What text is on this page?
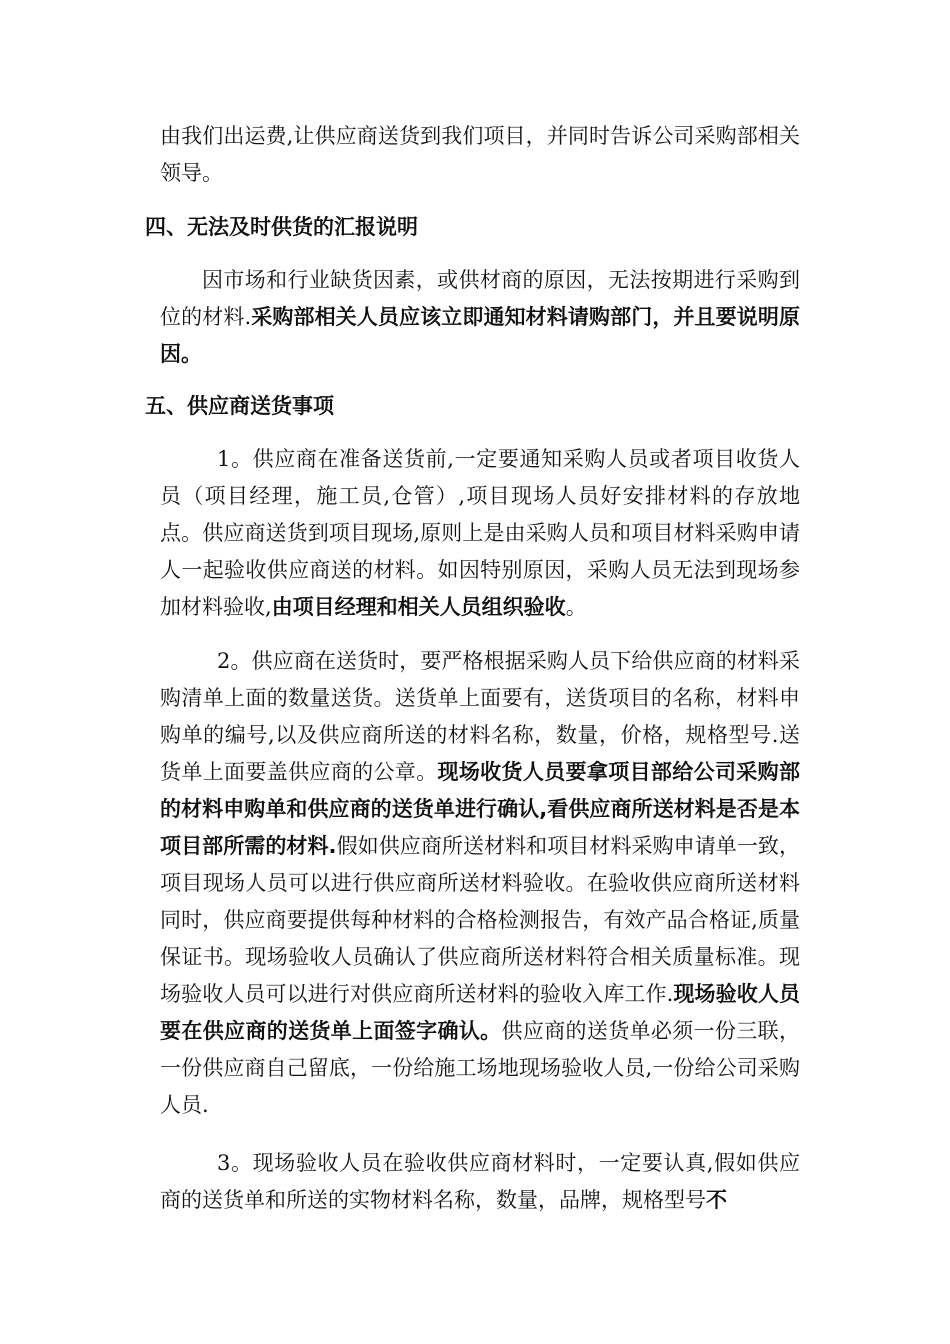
由我们出运费,让供应商送货到我们项目，并同时告诉公司采购部相关领导。
四、无法及时供货的汇报说明
因市场和行业缺货因素，或供材商的原因，无法按期进行采购到位的材料.采购部相关人员应该立即通知材料请购部门，并且要说明原因。
五、供应商送货事项
1。供应商在准备送货前,一定要通知采购人员或者项目收货人员（项目经理，施工员,仓管）,项目现场人员好安排材料的存放地点。供应商送货到项目现场,原则上是由采购人员和项目材料采购申请人一起验收供应商送的材料。如因特别原因，采购人员无法到现场参加材料验收,由项目经理和相关人员组织验收。
2。供应商在送货时，要严格根据采购人员下给供应商的材料采购清单上面的数量送货。送货单上面要有，送货项目的名称，材料申购单的编号,以及供应商所送的材料名称，数量，价格，规格型号.送货单上面要盖供应商的公章。现场收货人员要拿项目部给公司采购部的材料申购单和供应商的送货单进行确认,看供应商所送材料是否是本项目部所需的材料.假如供应商所送材料和项目材料采购申请单一致，项目现场人员可以进行供应商所送材料验收。在验收供应商所送材料同时，供应商要提供每种材料的合格检测报告，有效产品合格证,质量保证书。现场验收人员确认了供应商所送材料符合相关质量标准。现场验收人员可以进行对供应商所送材料的验收入库工作.现场验收人员要在供应商的送货单上面签字确认。供应商的送货单必须一份三联，一份供应商自己留底，一份给施工场地现场验收人员,一份给公司采购人员.
3。现场验收人员在验收供应商材料时，一定要认真,假如供应商的送货单和所送的实物材料名称，数量，品牌，规格型号不
